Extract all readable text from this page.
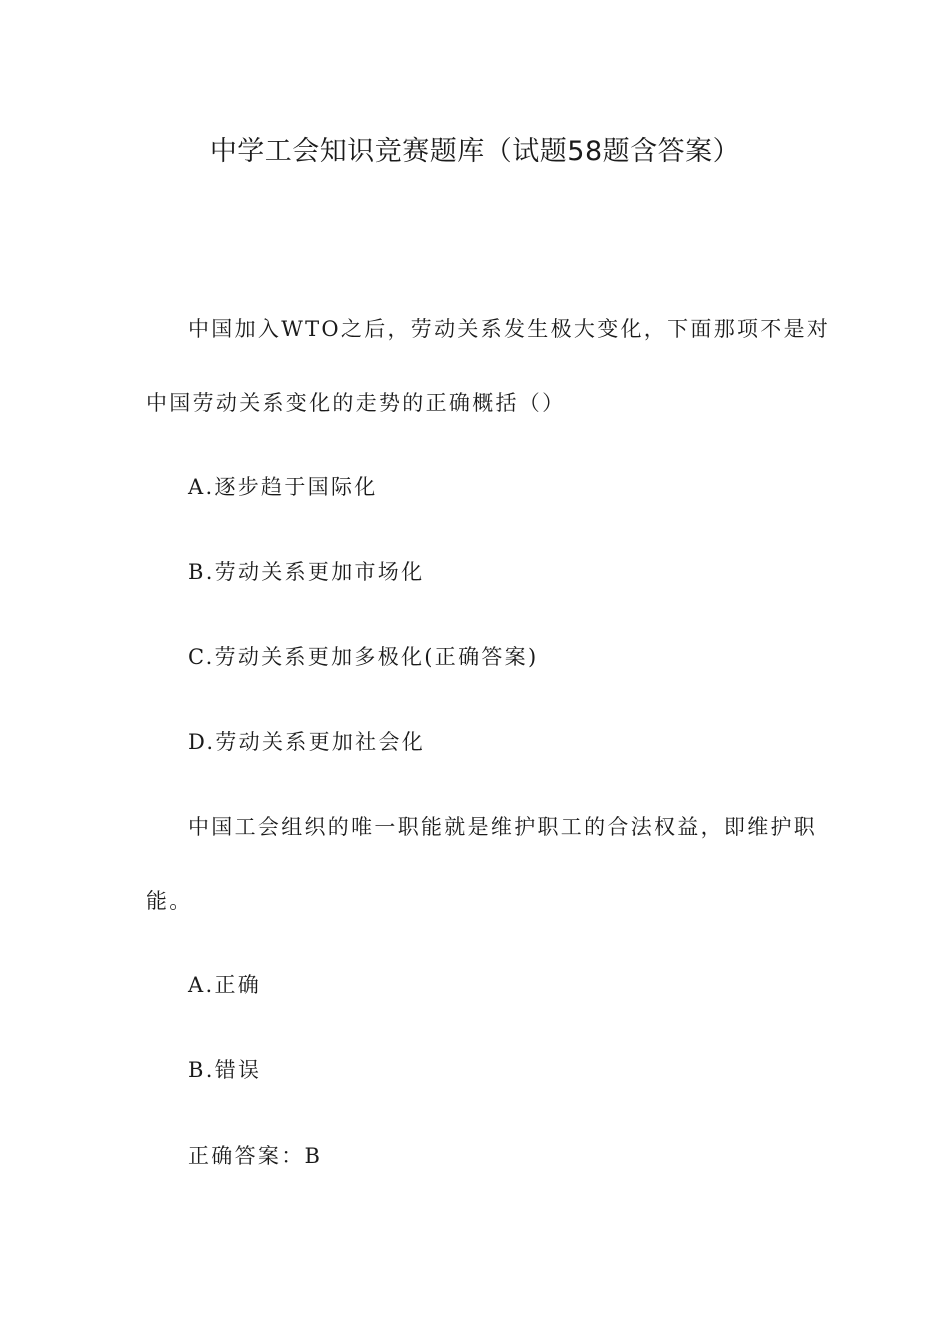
中学工会知识竞赛题库（试题58题含答案）

中国加入WTO之后，劳动关系发生极大变化，下面那项不是对

中国劳动关系变化的走势的正确概括（）

A.逐步趋于国际化

B.劳动关系更加市场化

C.劳动关系更加多极化(正确答案)

D.劳动关系更加社会化

中国工会组织的唯一职能就是维护职工的合法权益，即维护职

能。

A.正确

B.错误

正确答案：B
